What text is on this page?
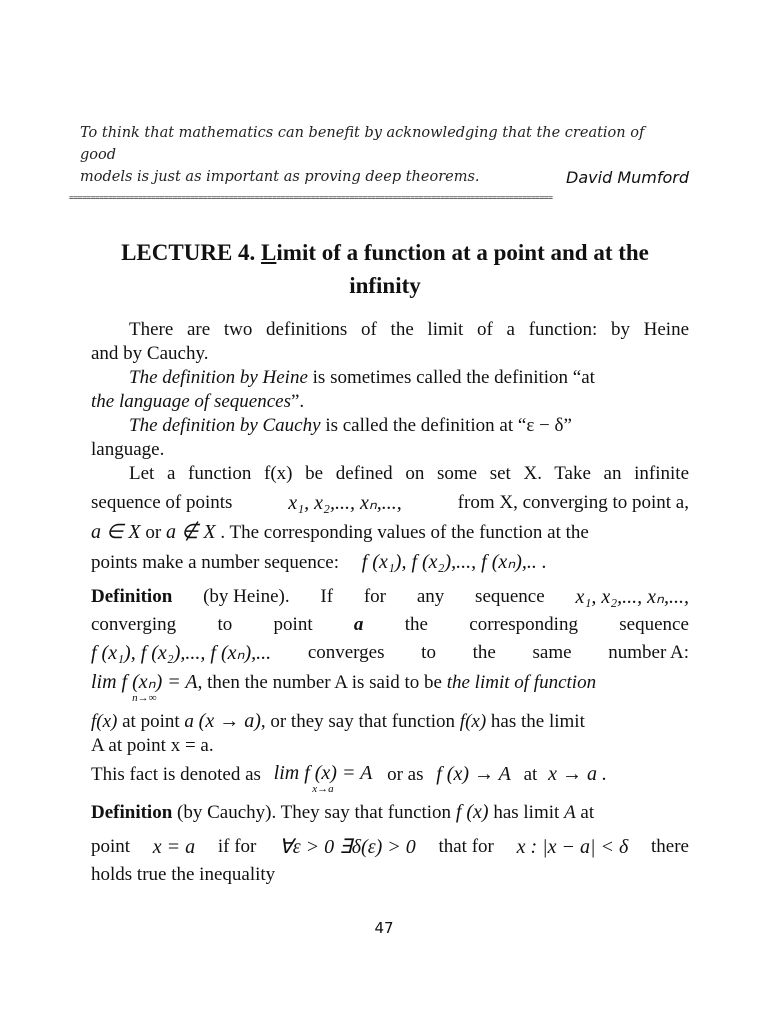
To think that mathematics can benefit by acknowledging that the creation of good
models is just as important as proving deep theorems.	David Mumford
================================================================================================================
LECTURE 4. Limit of a function at a point and at the
infinity
There are two definitions of the limit of a function: by Heine
and by Cauchy.
The definition by Heine is sometimes called the definition “at
the language of sequences”.
The definition by Cauchy is called the definition at “ε − δ”
language.
Let a function f(x) be defined on some set X. Take an infinite
sequence of points	x₁, x₂,..., xₙ,...,	from X, converging to point a,
a ∈ X or a ∉ X . The corresponding values of the function at the
points make a number sequence: f (x₁), f (x₂),..., f (xₙ),.. .
Definition (by Heine). If for any sequence x₁, x₂,..., xₙ,...,
converging to point a the corresponding sequence
f (x₁), f (x₂),..., f (xₙ),... converges to the same number A:
lim f (xₙ) = A
n→∞
, then the number A is said to be the limit of function
f(x) at point a (x → a), or they say that function f(x) has the limit
A at point x = a.
This fact is denoted as lim f (x) = A
x→a
or as f (x) → A at x → a .
Definition (by Cauchy). They say that function f (x) has limit A at
point x = a if for ∀ε > 0 ∃δ(ε) > 0 that for x : |x − a| < δ there
holds true the inequality
47
